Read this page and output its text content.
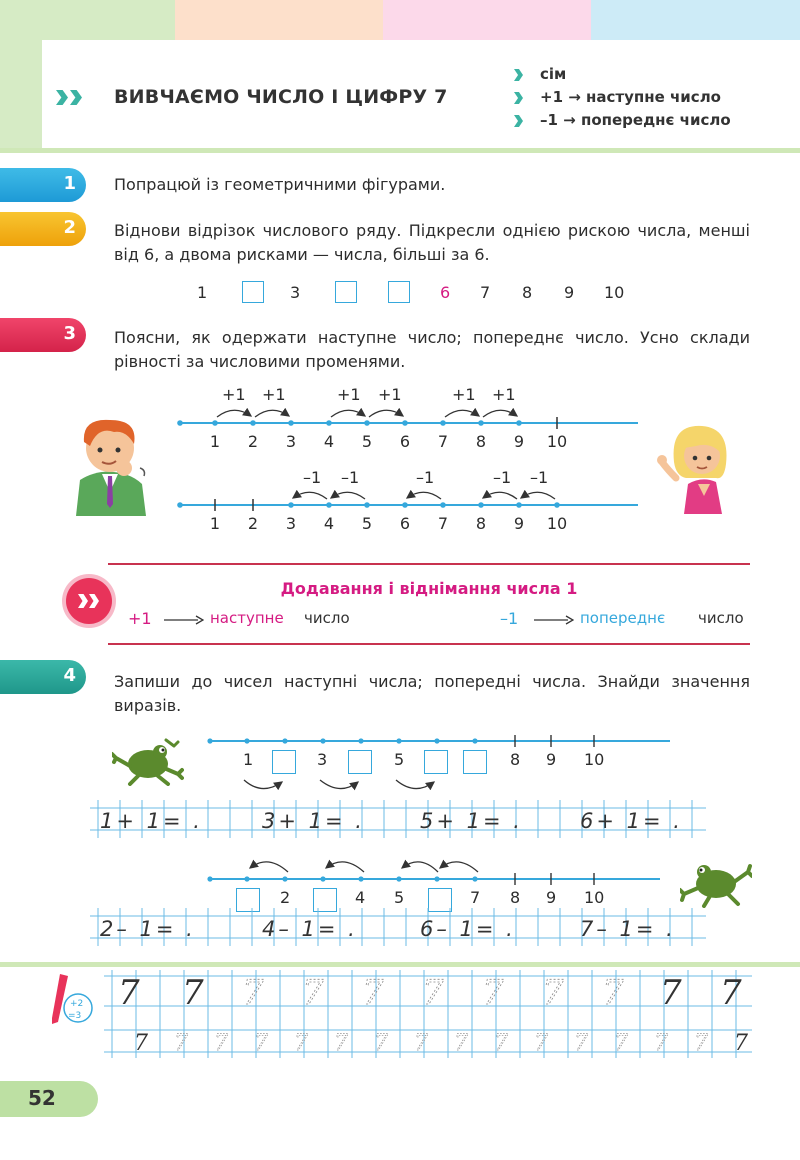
ВИВЧАЄМО ЧИСЛО І ЦИФРУ 7
сім
+1 → наступне число
–1 → попереднє число
1 Попрацюй із геометричними фігурами.
2 Віднови відрізок числового ряду. Підкресли однією рискою числа, менші від 6, а двома рисками — числа, більші за 6.
1	3	6 7 8 9 10
3 Поясни, як одержати наступне число; попереднє число. Усно склади рівності за числовими променями.
+1 +1	+1 +1	+1 +1
1 2 3 4 5 6 7 8 9 10
–1 –1	–1	–1 –1
1 2 3 4 5 6 7 8 9 10
Додавання і віднімання числа 1
+1	наступне число	–1	попереднє число
4 Запиши до чисел наступні числа; попередні числа. Знайди значення виразів.
1	3	5	8 9 10
2	4 5	7 8 9 10
1+ 1= .	3+ 1= .	5+ 1= .	6+ 1= .
2– 1= .	4– 1= .	6– 1= .	7– 1= .
+2
=3
7 7	7 7
7 7 7 7 7 7 7
7	7
7 7 7 7 7 7 7 7 7 7 7 7 7 7
52
